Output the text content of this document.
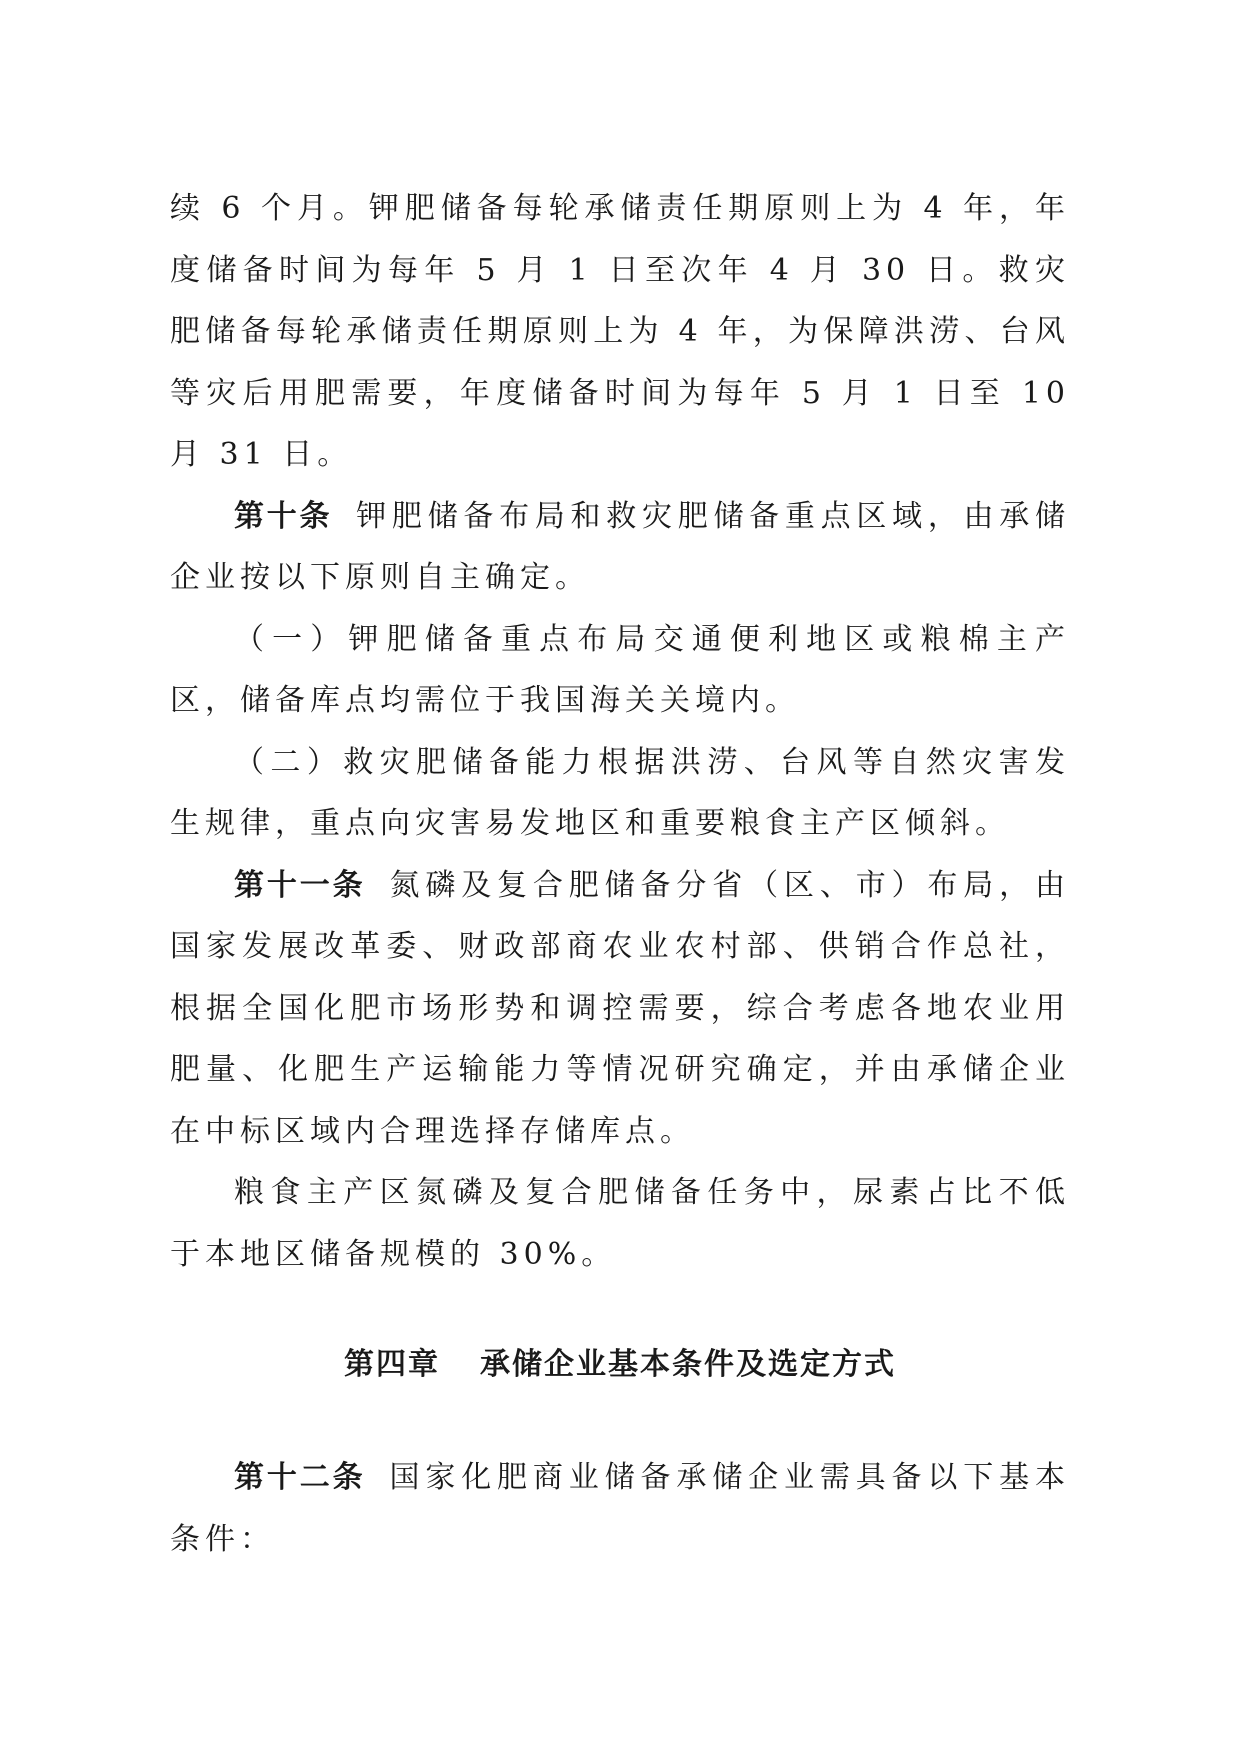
续 6 个月。钾肥储备每轮承储责任期原则上为 4 年，年度储备时间为每年 5 月 1 日至次年 4 月 30 日。救灾肥储备每轮承储责任期原则上为 4 年，为保障洪涝、台风等灾后用肥需要，年度储备时间为每年 5 月 1 日至 10 月 31 日。

第十条 钾肥储备布局和救灾肥储备重点区域，由承储企业按以下原则自主确定。

（一）钾肥储备重点布局交通便利地区或粮棉主产区，储备库点均需位于我国海关关境内。

（二）救灾肥储备能力根据洪涝、台风等自然灾害发生规律，重点向灾害易发地区和重要粮食主产区倾斜。

第十一条 氮磷及复合肥储备分省（区、市）布局，由国家发展改革委、财政部商农业农村部、供销合作总社，根据全国化肥市场形势和调控需要，综合考虑各地农业用肥量、化肥生产运输能力等情况研究确定，并由承储企业在中标区域内合理选择存储库点。

粮食主产区氮磷及复合肥储备任务中，尿素占比不低于本地区储备规模的 30%。

第四章 承储企业基本条件及选定方式

第十二条 国家化肥商业储备承储企业需具备以下基本条件：
